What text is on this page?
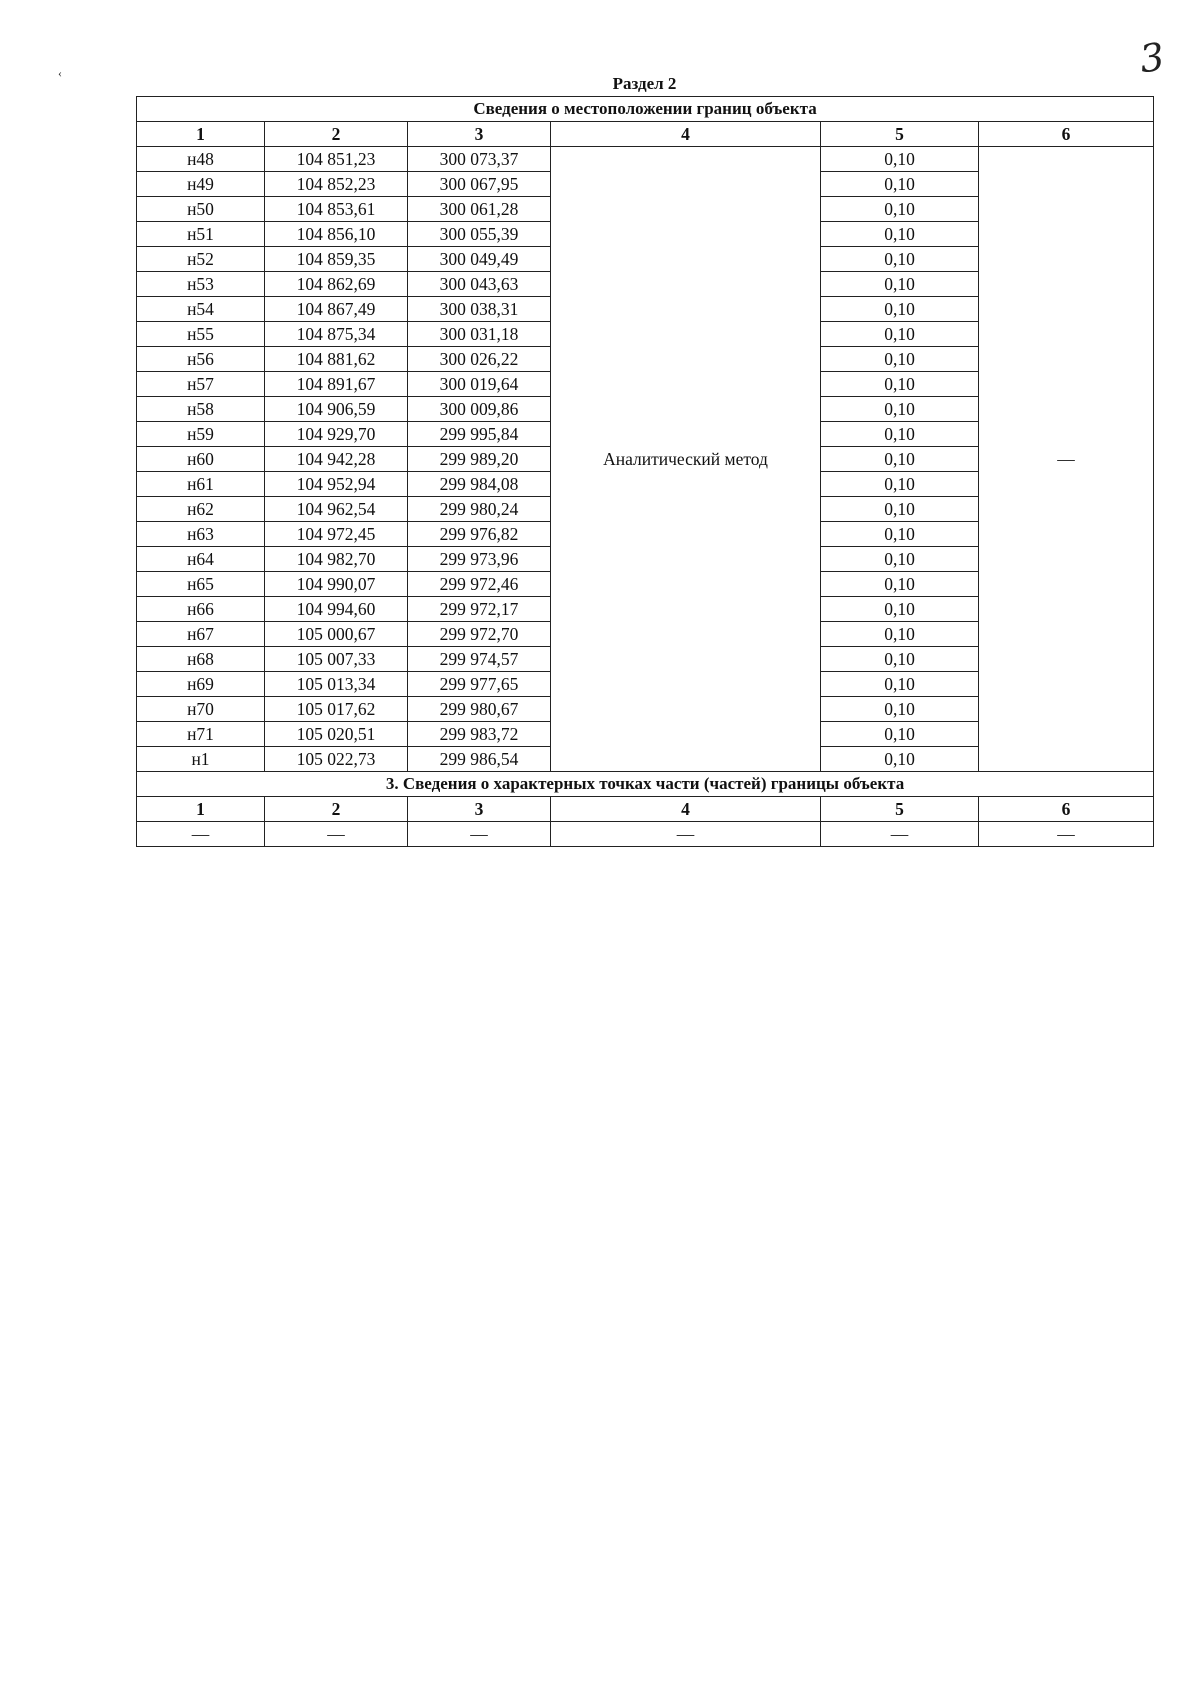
3
‹
Раздел 2
Сведения о местоположении границ объекта					
1	2	3	4	5	6
н48	104 851,23	300 073,37	Аналитический метод	0,10	—
н49	104 852,23	300 067,95		0,10	
н50	104 853,61	300 061,28		0,10	
н51	104 856,10	300 055,39		0,10	
н52	104 859,35	300 049,49		0,10	
н53	104 862,69	300 043,63		0,10	
н54	104 867,49	300 038,31		0,10	
н55	104 875,34	300 031,18		0,10	
н56	104 881,62	300 026,22		0,10	
н57	104 891,67	300 019,64		0,10	
н58	104 906,59	300 009,86		0,10	
н59	104 929,70	299 995,84		0,10	
н60	104 942,28	299 989,20		0,10	
н61	104 952,94	299 984,08		0,10	
н62	104 962,54	299 980,24		0,10	
н63	104 972,45	299 976,82		0,10	
н64	104 982,70	299 973,96		0,10	
н65	104 990,07	299 972,46		0,10	
н66	104 994,60	299 972,17		0,10	
н67	105 000,67	299 972,70		0,10	
н68	105 007,33	299 974,57		0,10	
н69	105 013,34	299 977,65		0,10	
н70	105 017,62	299 980,67		0,10	
н71	105 020,51	299 983,72		0,10	
н1	105 022,73	299 986,54		0,10	
3. Сведения о характерных точках части (частей) границы объекта					
1	2	3	4	5	6
—	—	—	—	—	—
